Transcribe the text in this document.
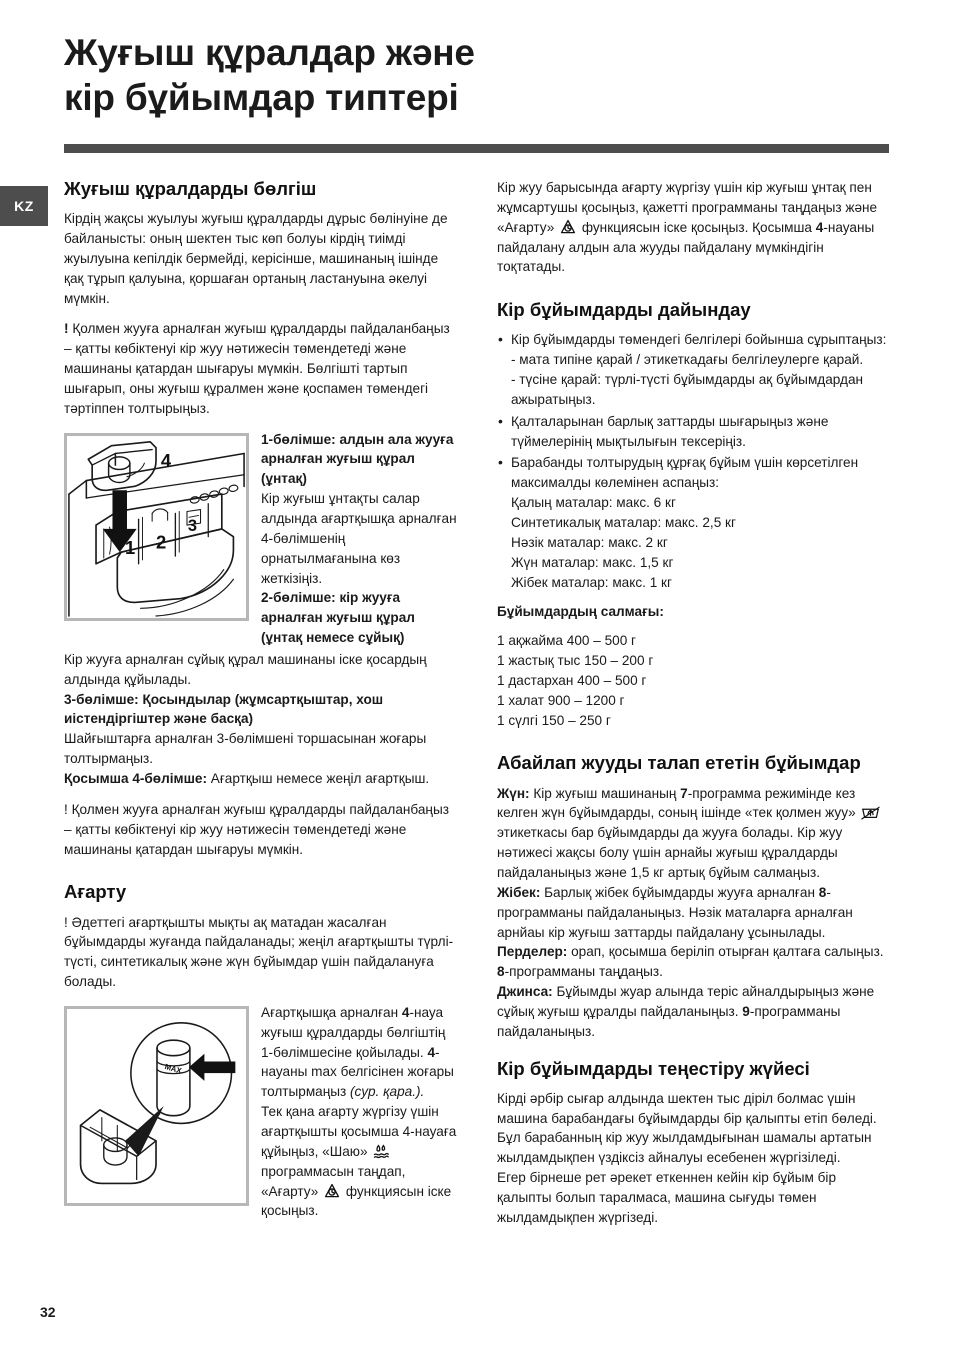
Жуғыш құралдар және
кір бұйымдар типтері
KZ
Жуғыш құралдарды бөлгіш

Кірдің жақсы жуылуы жуғыш құралдарды дұрыс бөлінуіне де байланысты: оның шектен тыс көп болуы кірдің тиімді жуылуына кепілдік бермейді, керісінше, машинаның ішінде қақ тұрып қалуына, қоршаған ортаның ластануына әкелуі мүмкін.

! Қолмен жууға арналған жуғыш құралдарды пайдаланбаңыз – қатты көбіктенуі кір жуу нәтижесін төмендетеді және машинаны қатардан шығаруы мүмкін. Бөлгішті тартып шығарып, оны жуғыш құралмен және қоспамен төмендегі тәртіппен толтырыңыз.

1 2
3
4

1-бөлімше: алдын ала жууға арналған жуғыш құрал (ұнтақ)

Кір жуғыш ұнтақты салар алдында ағартқышқа арналған 4-бөлімшенің орнатылмағанына көз жеткізіңіз.

2-бөлімше: кір жууға арналған жуғыш құрал (ұнтақ немесе сұйық)

Кір жууға арналған сұйық құрал машинаны іске қосардың алдында құйылады.

3-бөлімше: Қосындылар (жұмсартқыштар, хош иістендіргіштер және басқа)

Шайғыштарға арналған 3-бөлімшені торшасынан жоғары толтырмаңыз.

Қосымша 4-бөлімше: Ағартқыш немесе жеңіл ағартқыш.

! Қолмен жууға арналған жуғыш құралдарды пайдаланбаңыз – қатты көбіктенуі кір жуу нәтижесін төмендетеді және машинаны қатардан шығаруы мүмкін.

Ағарту

! Әдеттегі ағартқышты мықты ақ матадан жасалған бұйымдарды жуғанда пайдаланады; жеңіл ағартқышты түрлі-түсті, синтетикалық және жүн бұйымдар үшін пайдалануға болады.

MAX

Ағартқышқа арналған 4-науа жуғыш құралдарды бөлгіштің 1-бөлімшесіне қойылады. 4-науаны max белгісінен жоғары толтырмаңыз (сур. қара.).

Тек қана ағарту жүргізу үшін ағартқышты қосымша 4-науаға құйыңыз, «Шаю»
программасын таңдап, «Ағарту»
функциясын іске қосыңыз.

Кір жуу барысында ағарту жүргізу үшін кір жуғыш ұнтақ пен жұмсартушы қосыңыз, қажетті программаны таңдаңыз және «Ағарту»
функциясын іске қосыңыз. Қосымша 4-науаны пайдалану алдын ала жууды пайдалану мүмкіндігін тоқтатады.

Кір бұйымдарды дайындау
• Кір бұйымдарды төмендегі белгілері бойынша сұрыптаңыз:
- мата типіне қарай / этикеткадағы белгілеулерге қарай.
- түсіне қарай: түрлі-түсті бұйымдарды ақ бұйымдардан ажыратыңыз.
• Қалталарынан барлық заттарды шығарыңыз және түймелерінің мықтылығын тексеріңіз.
• Барабанды толтырудың құрғақ бұйым үшін көрсетілген максималды көлемінен аспаңыз:
Қалың маталар: макс. 6 кг
Синтетикалық маталар: макс. 2,5 кг
Нәзік маталар: макс. 2 кг
Жүн маталар: макс. 1,5 кг
Жібек маталар: макс. 1 кг

Бұйымдардың салмағы:

1 ақжайма 400 – 500 г
1 жастық тыс 150 – 200 г
1 дастархан 400 – 500 г
1 халат 900 – 1200 г
1 сүлгі 150 – 250 г
Абайлап жууды талап ететін бұйымдар

Жүн: Кір жуғыш машинаның 7-программа режимінде кез келген жүн бұйымдарды, соның ішінде «тек қолмен жуу»
этикеткасы бар бұйымдарды да жууға болады. Кір жуу нәтижесі жақсы болу үшін арнайы жуғыш құралдарды пайдаланыңыз және 1,5 кг артық бұйым салмаңыз.

Жібек: Барлық жібек бұйымдарды жууға арналған 8-программаны пайдаланыңыз. Нәзік маталарға арналған арнйаы кір жуғыш заттарды пайдалану ұсынылады.

Перделер: орап, қосымша беріліп отырған қалтаға салыңыз. 8-программаны таңдаңыз.

Джинса: Бұйымды жуар алында теріс айналдырыңыз және сұйық жуғыш құралды пайдаланыңыз. 9-программаны пайдаланыңыз.

Кір бұйымдарды теңестіру жүйесі

Кірді әрбір сығар алдында шектен тыс діріл болмас үшін машина барабандағы бұйымдарды бір қалыпты етіп бөледі. Бұл барабанның кір жуу жылдамдығынан шамалы артатын жылдамдықпен үздіксіз айналуы есебенен жүргізіледі.

Егер бірнеше рет әрекет еткеннен кейін кір бұйым бір қалыпты болып таралмаса, машина сығуды төмен жылдамдықпен жүргізеді.

32
